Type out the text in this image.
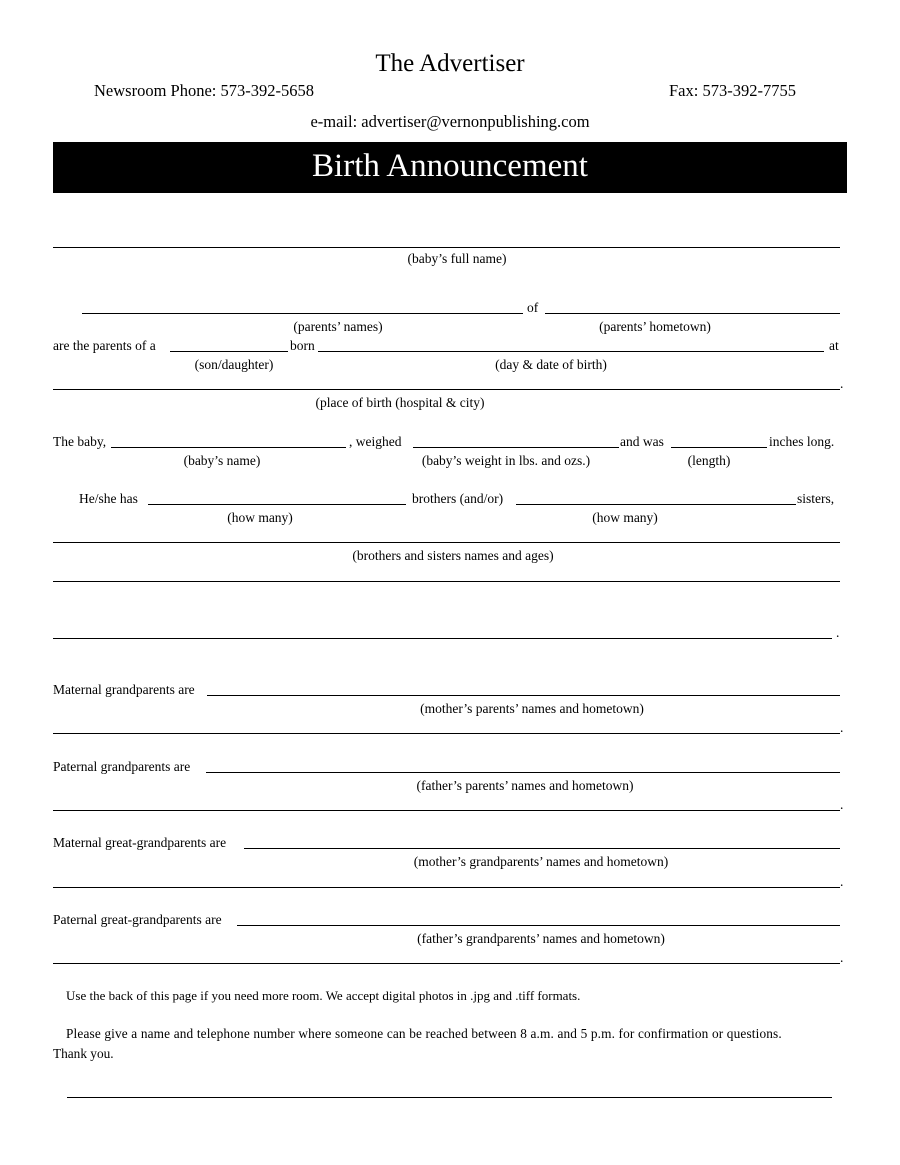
The Advertiser
Newsroom Phone: 573-392-5658	Fax: 573-392-7755
e-mail: advertiser@vernonpublishing.com
Birth Announcement
(baby’s full name)
of
(parents’ names)	(parents’ hometown)
are the parents of a	born	at
(son/daughter)	(day & date of birth)
.
(place of birth (hospital & city)
The baby,	, weighed	and was	inches long.
(baby’s name)	(baby’s weight in lbs. and ozs.)	(length)
He/she has	brothers (and/or)	sisters,
(how many)	(how many)
(brothers and sisters names and ages)
.
Maternal grandparents are
(mother’s parents’ names and hometown)
.
Paternal grandparents are
(father’s parents’ names and hometown)
.
Maternal great-grandparents are
(mother’s grandparents’ names and hometown)
.
Paternal great-grandparents are
(father’s grandparents’ names and hometown)
.
Use the back of this page if you need more room. We accept digital photos in .jpg and .tiff formats.
Please give a name and telephone number where someone can be reached between 8 a.m. and 5 p.m. for confirmation or questions.
Thank you.
